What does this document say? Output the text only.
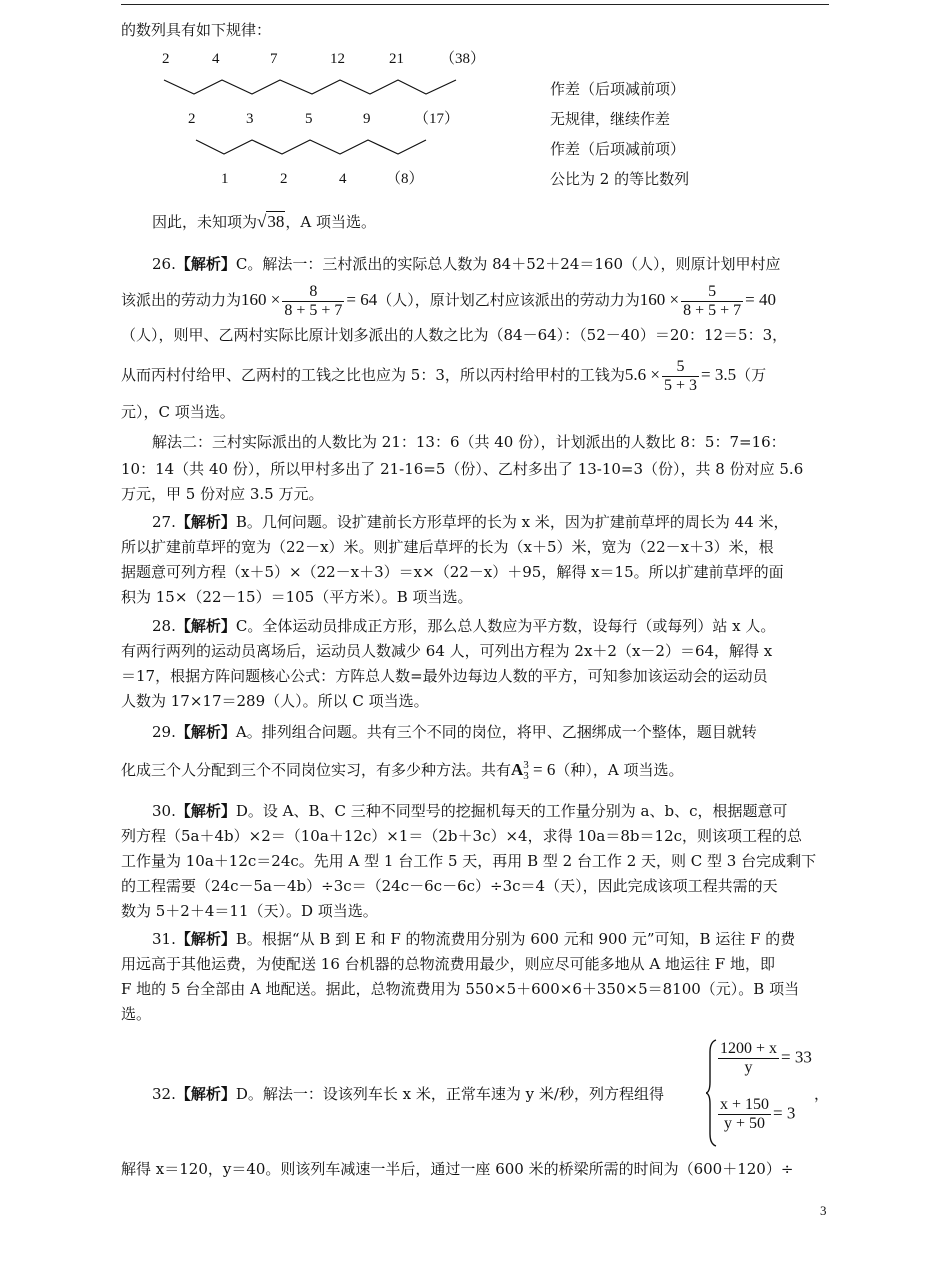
的数列具有如下规律：
2	4	7	12	21 （38）
2	3	5	9	（17）
1	2	4	（8）
作差（后项减前项）
无规律，继续作差
作差（后项减前项）
公比为 2 的等比数列
因此，未知项为√38，A 项当选。
26.【解析】C。解法一：三村派出的实际总人数为 84＋52＋24＝160（人），则原计划甲村应
该派出的劳动力为$160 \times \frac{8}{8 + 5 + 7} = 64$（人），原计划乙村应该派出的劳动力为$160 \times \frac{5}{8 + 5 + 7} = 40$
（人），则甲、乙两村实际比原计划多派出的人数之比为（84－64）：（52－40）＝20：12＝5：3，
从而丙村付给甲、乙两村的工钱之比也应为 5：3，所以丙村给甲村的工钱为$5.6 \times \frac{5}{5 + 3} = 3.5$（万
元），C 项当选。
解法二：三村实际派出的人数比为 21：13：6（共 40 份），计划派出的人数比 8：5：7=16：
10：14（共 40 份），所以甲村多出了 21-16=5（份）、乙村多出了 13-10=3（份），共 8 份对应 5.6
万元，甲 5 份对应 3.5 万元。
27.【解析】B。几何问题。设扩建前长方形草坪的长为 x 米，因为扩建前草坪的周长为 44 米，
所以扩建前草坪的宽为（22－x）米。则扩建后草坪的长为（x＋5）米，宽为（22－x＋3）米，根
据题意可列方程（x＋5）×（22－x＋3）＝x×（22－x）＋95，解得 x＝15。所以扩建前草坪的面
积为 15×（22－15）＝105（平方米）。B 项当选。
28.【解析】C。全体运动员排成正方形，那么总人数应为平方数，设每行（或每列）站 x 人。
有两行两列的运动员离场后，运动员人数减少 64 人，可列出方程为 2x＋2（x－2）＝64，解得 x
＝17，根据方阵问题核心公式：方阵总人数=最外边每边人数的平方，可知参加该运动会的运动员
人数为 17×17＝289（人）。所以 C 项当选。
29.【解析】A。排列组合问题。共有三个不同的岗位，将甲、乙捆绑成一个整体，题目就转
化成三个人分配到三个不同岗位实习，有多少种方法。共有A 3
3 = 6（种），A 项当选。
30.【解析】D。设 A、B、C 三种不同型号的挖掘机每天的工作量分别为 a、b、c，根据题意可
列方程（5a＋4b）×2＝（10a＋12c）×1＝（2b＋3c）×4，求得 10a＝8b＝12c，则该项工程的总
工作量为 10a＋12c＝24c。先用 A 型 1 台工作 5 天，再用 B 型 2 台工作 2 天，则 C 型 3 台完成剩下
的工程需要（24c－5a－4b）÷3c＝（24c－6c－6c）÷3c＝4（天），因此完成该项工程共需的天
数为 5＋2＋4＝11（天）。D 项当选。
31.【解析】B。根据“从 B 到 E 和 F 的物流费用分别为 600 元和 900 元”可知，B 运往 F 的费
用远高于其他运费，为使配送 16 台机器的总物流费用最少，则应尽可能多地从 A 地运往 F 地，即
F 地的 5 台全部由 A 地配送。据此，总物流费用为 550×5＋600×6＋350×5＝8100（元）。B 项当
选。
32.【解析】D。解法一：设该列车长 x 米，正常车速为 y 米/秒，列方程组得
$\frac{1200 + x}{y} = 33$
$\frac{x + 150}{y + 50} = 3$
，
解得 x＝120，y＝40。则该列车减速一半后，通过一座 600 米的桥梁所需的时间为（600＋120）÷
3
